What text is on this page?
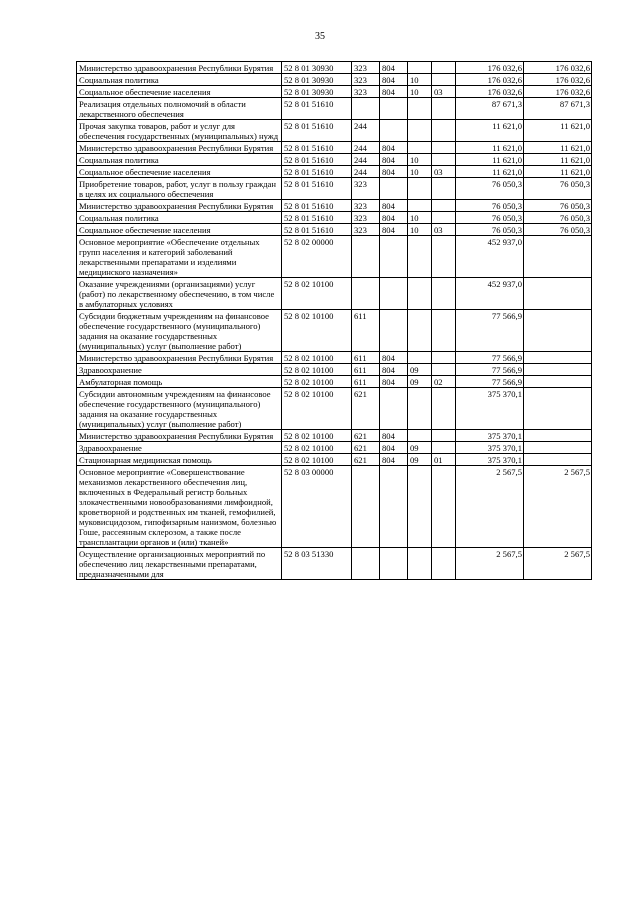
35
Министерство здравоохранения Республики Бурятия	52 8 01 30930	323	804			176 032,6	176 032,6
Социальная политика	52 8 01 30930	323	804	10		176 032,6	176 032,6
Социальное обеспечение населения	52 8 01 30930	323	804	10	03	176 032,6	176 032,6
Реализация отдельных полномочий в области лекарственного обеспечения	52 8 01 51610					87 671,3	87 671,3
Прочая закупка товаров, работ и услуг для обеспечения государственных (муниципальных) нужд	52 8 01 51610	244				11 621,0	11 621,0
Министерство здравоохранения Республики Бурятия	52 8 01 51610	244	804			11 621,0	11 621,0
Социальная политика	52 8 01 51610	244	804	10		11 621,0	11 621,0
Социальное обеспечение населения	52 8 01 51610	244	804	10	03	11 621,0	11 621,0
Приобретение товаров, работ, услуг в пользу граждан в целях их социального обеспечения	52 8 01 51610	323				76 050,3	76 050,3
Министерство здравоохранения Республики Бурятия	52 8 01 51610	323	804			76 050,3	76 050,3
Социальная политика	52 8 01 51610	323	804	10		76 050,3	76 050,3
Социальное обеспечение населения	52 8 01 51610	323	804	10	03	76 050,3	76 050,3
Основное мероприятие «Обеспечение отдельных групп населения и категорий заболеваний лекарственными препаратами и изделиями медицинского назначения»	52 8 02 00000					452 937,0	
Оказание учреждениями (организациями) услуг (работ) по лекарственному обеспечению, в том числе в амбулаторных условиях	52 8 02 10100					452 937,0	
Субсидии бюджетным учреждениям на финансовое обеспечение государственного (муниципального) задания на оказание государственных (муниципальных) услуг (выполнение работ)	52 8 02 10100	611				77 566,9	
Министерство здравоохранения Республики Бурятия	52 8 02 10100	611	804			77 566,9	
Здравоохранение	52 8 02 10100	611	804	09		77 566,9	
Амбулаторная помощь	52 8 02 10100	611	804	09	02	77 566,9	
Субсидии автономным учреждениям на финансовое обеспечение государственного (муниципального) задания на оказание государственных (муниципальных) услуг (выполнение работ)	52 8 02 10100	621				375 370,1	
Министерство здравоохранения Республики Бурятия	52 8 02 10100	621	804			375 370,1	
Здравоохранение	52 8 02 10100	621	804	09		375 370,1	
Стационарная медицинская помощь	52 8 02 10100	621	804	09	01	375 370,1	
Основное мероприятие «Совершенствование механизмов лекарственного обеспечения лиц, включенных в Федеральный регистр больных злокачественными новообразованиями лимфоидной, кроветворной и родственных им тканей, гемофилией, муковисцидозом, гипофизарным нанизмом, болезнью Гоше, рассеянным склерозом, а также после трансплантации органов и (или) тканей»	52 8 03 00000					2 567,5	2 567,5
Осуществление организационных мероприятий по обеспечению лиц лекарственными препаратами, предназначенными для	52 8 03 51330					2 567,5	2 567,5
